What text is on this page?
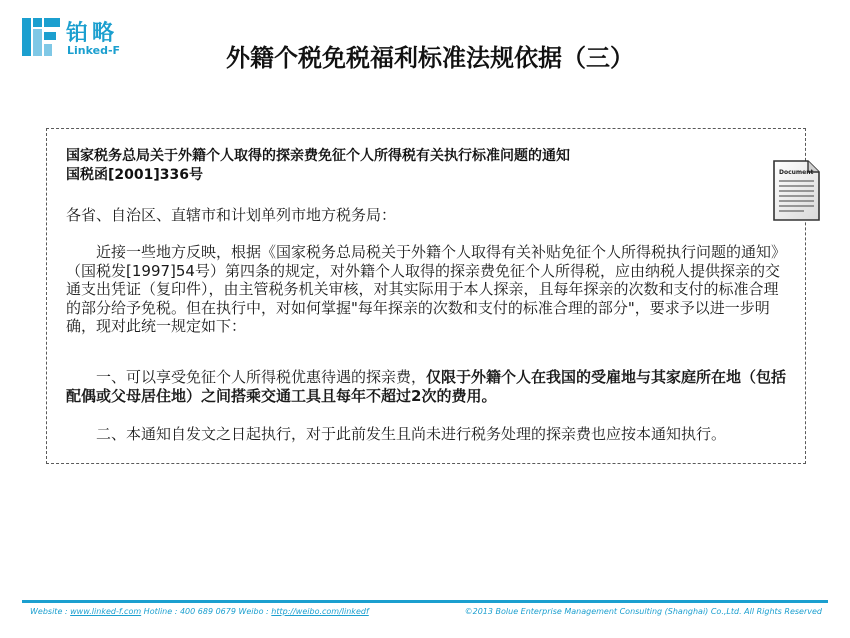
铂略
Linked-F	外籍个税免税福利标准法规依据（三）
国家税务总局关于外籍个人取得的探亲费免征个人所得税有关执行标准问题的通知
国税函[2001]336号
各省、自治区、直辖市和计划单列市地方税务局：
近接一些地方反映，根据《国家税务总局税关于外籍个人取得有关补贴免征个人所得税执行问题的通知》（国税发[1997]54号）第四条的规定，对外籍个人取得的探亲费免征个人所得税，应由纳税人提供探亲的交通支出凭证（复印件），由主管税务机关审核，对其实际用于本人探亲，且每年探亲的次数和支付的标准合理的部分给予免税。但在执行中，对如何掌握"每年探亲的次数和支付的标准合理的部分"，要求予以进一步明确，现对此统一规定如下：
一、可以享受免征个人所得税优惠待遇的探亲费，仅限于外籍个人在我国的受雇地与其家庭所在地（包括配偶或父母居住地）之间搭乘交通工具且每年不超过2次的费用。
二、本通知自发文之日起执行，对于此前发生且尚未进行税务处理的探亲费也应按本通知执行。
Document
Website : www.linked-f.com Hotline : 400 689 0679 Weibo : http://weibo.com/linkedf	©2013 Bolue Enterprise Management Consulting (Shanghai) Co.,Ltd. All Rights Reserved
